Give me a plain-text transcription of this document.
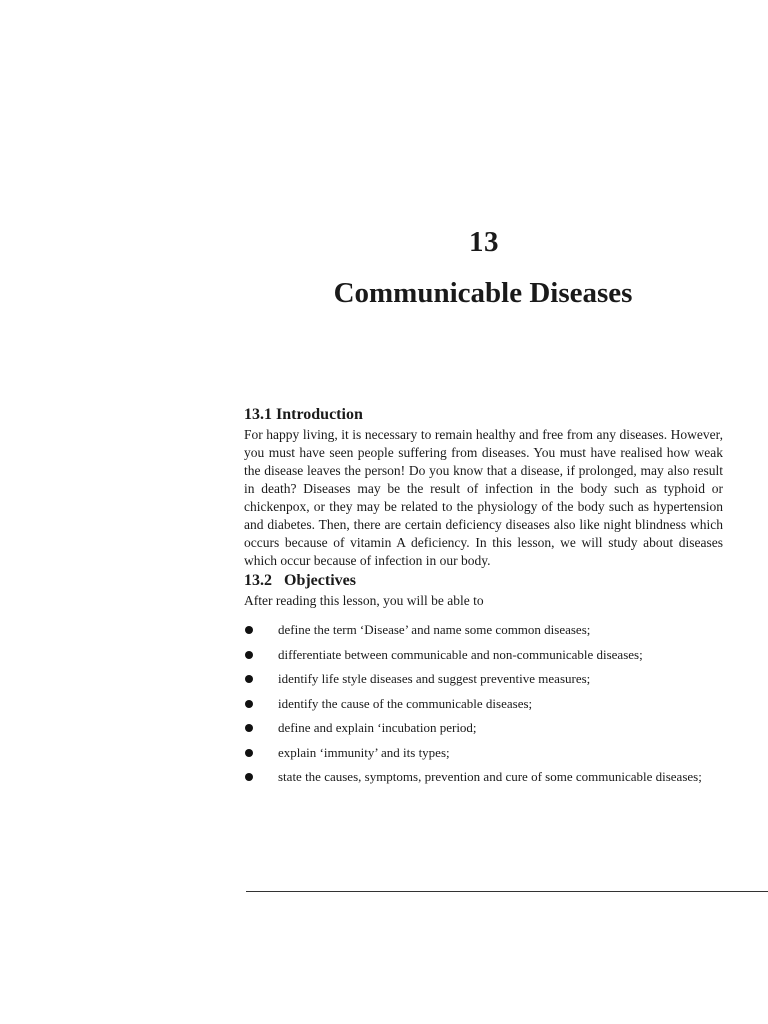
13
Communicable Diseases
13.1 Introduction

For happy living, it is necessary to remain healthy and free from any diseases. However, you must have seen people suffering from diseases. You must have realised how weak the disease leaves the person! Do you know that a disease, if prolonged, may also result in death? Diseases may be the result of infection in the body such as typhoid or chickenpox, or they may be related to the physiology of the body such as hypertension and diabetes. Then, there are certain deficiency diseases also like night blindness which occurs because of vitamin A deficiency. In this lesson, we will study about diseases which occur because of infection in our body.

13.2   Objectives

After reading this lesson, you will be able to

define the term ‘Disease’ and name some common diseases;
differentiate between communicable and non-communicable diseases;
identify life style diseases and suggest preventive measures;
identify the cause of the communicable diseases;
define and explain ‘incubation period;
explain ‘immunity’ and its types;
state the causes, symptoms, prevention and cure of some communicable diseases;
